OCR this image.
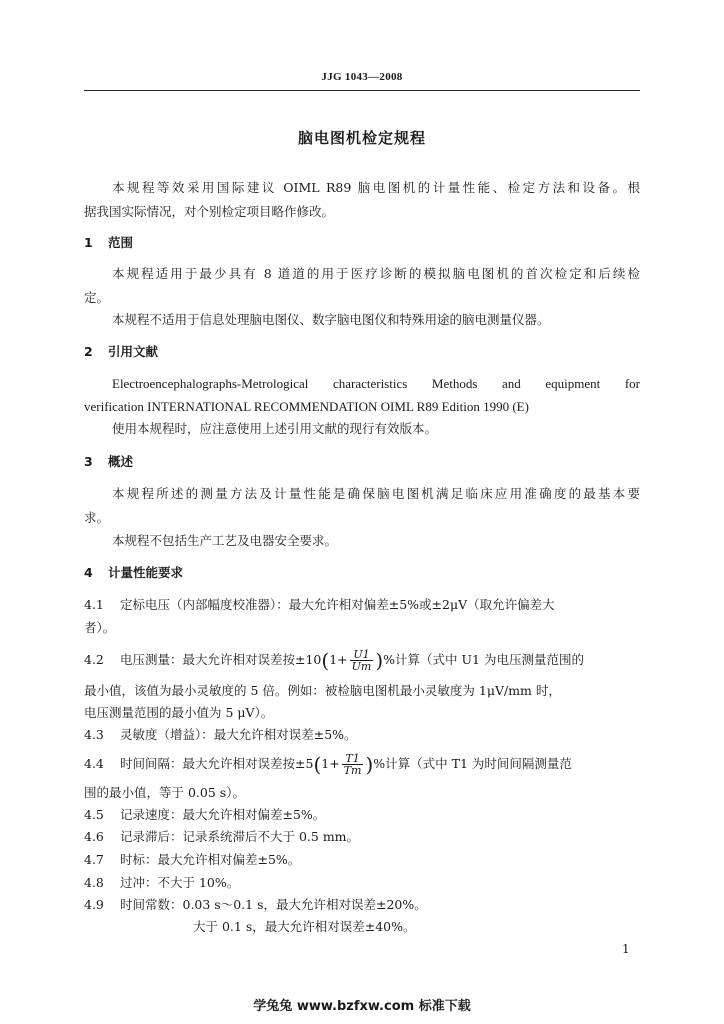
JJG 1043—2008
脑电图机检定规程
本规程等效采用国际建议 OIML R89 脑电图机的计量性能、检定方法和设备。根
据我国实际情况，对个别检定项目略作修改。
1 范围
本规程适用于最少具有 8 道道的用于医疗诊断的模拟脑电图机的首次检定和后续检
定。
本规程不适用于信息处理脑电图仪、数字脑电图仪和特殊用途的脑电测量仪器。
2 引用文献
Electroencephalographs-Metrological characteristics Methods and equipment for
verification INTERNATIONAL RECOMMENDATION OIML R89 Edition 1990 (E)
使用本规程时，应注意使用上述引用文献的现行有效版本。
3 概述
本规程所述的测量方法及计量性能是确保脑电图机满足临床应用准确度的最基本要
求。
本规程不包括生产工艺及电器安全要求。
4 计量性能要求
4.1 定标电压（内部幅度校准器）：最大允许相对偏差±5%或±2μV（取允许偏差大
者）。
4.2 电压测量：最大允许相对误差按$\pm 10(1+ \frac{U1}{Um}$ )%计算（式中 U1 为电压测量范围的
最小值，该值为最小灵敏度的 5 倍。例如：被检脑电图机最小灵敏度为 1μV/mm 时，
电压测量范围的最小值为 5 μV）。
4.3 灵敏度（增益）：最大允许相对误差±5%。
4.4 时间间隔：最大允许相对误差按$\pm 5(1+ \frac{T1}{Tm}$ )%计算（式中 T1 为时间间隔测量范
围的最小值，等于 0.05 s）。
4.5 记录速度：最大允许相对偏差±5%。
4.6 记录滞后：记录系统滞后不大于 0.5 mm。
4.7 时标：最大允许相对偏差±5%。
4.8 过冲：不大于 10%。
4.9 时间常数：0.03 s～0.1 s，最大允许相对误差±20%。
大于 0.1 s，最大允许相对误差±40%。
1
学兔兔 www.bzfxw.com 标准下载
